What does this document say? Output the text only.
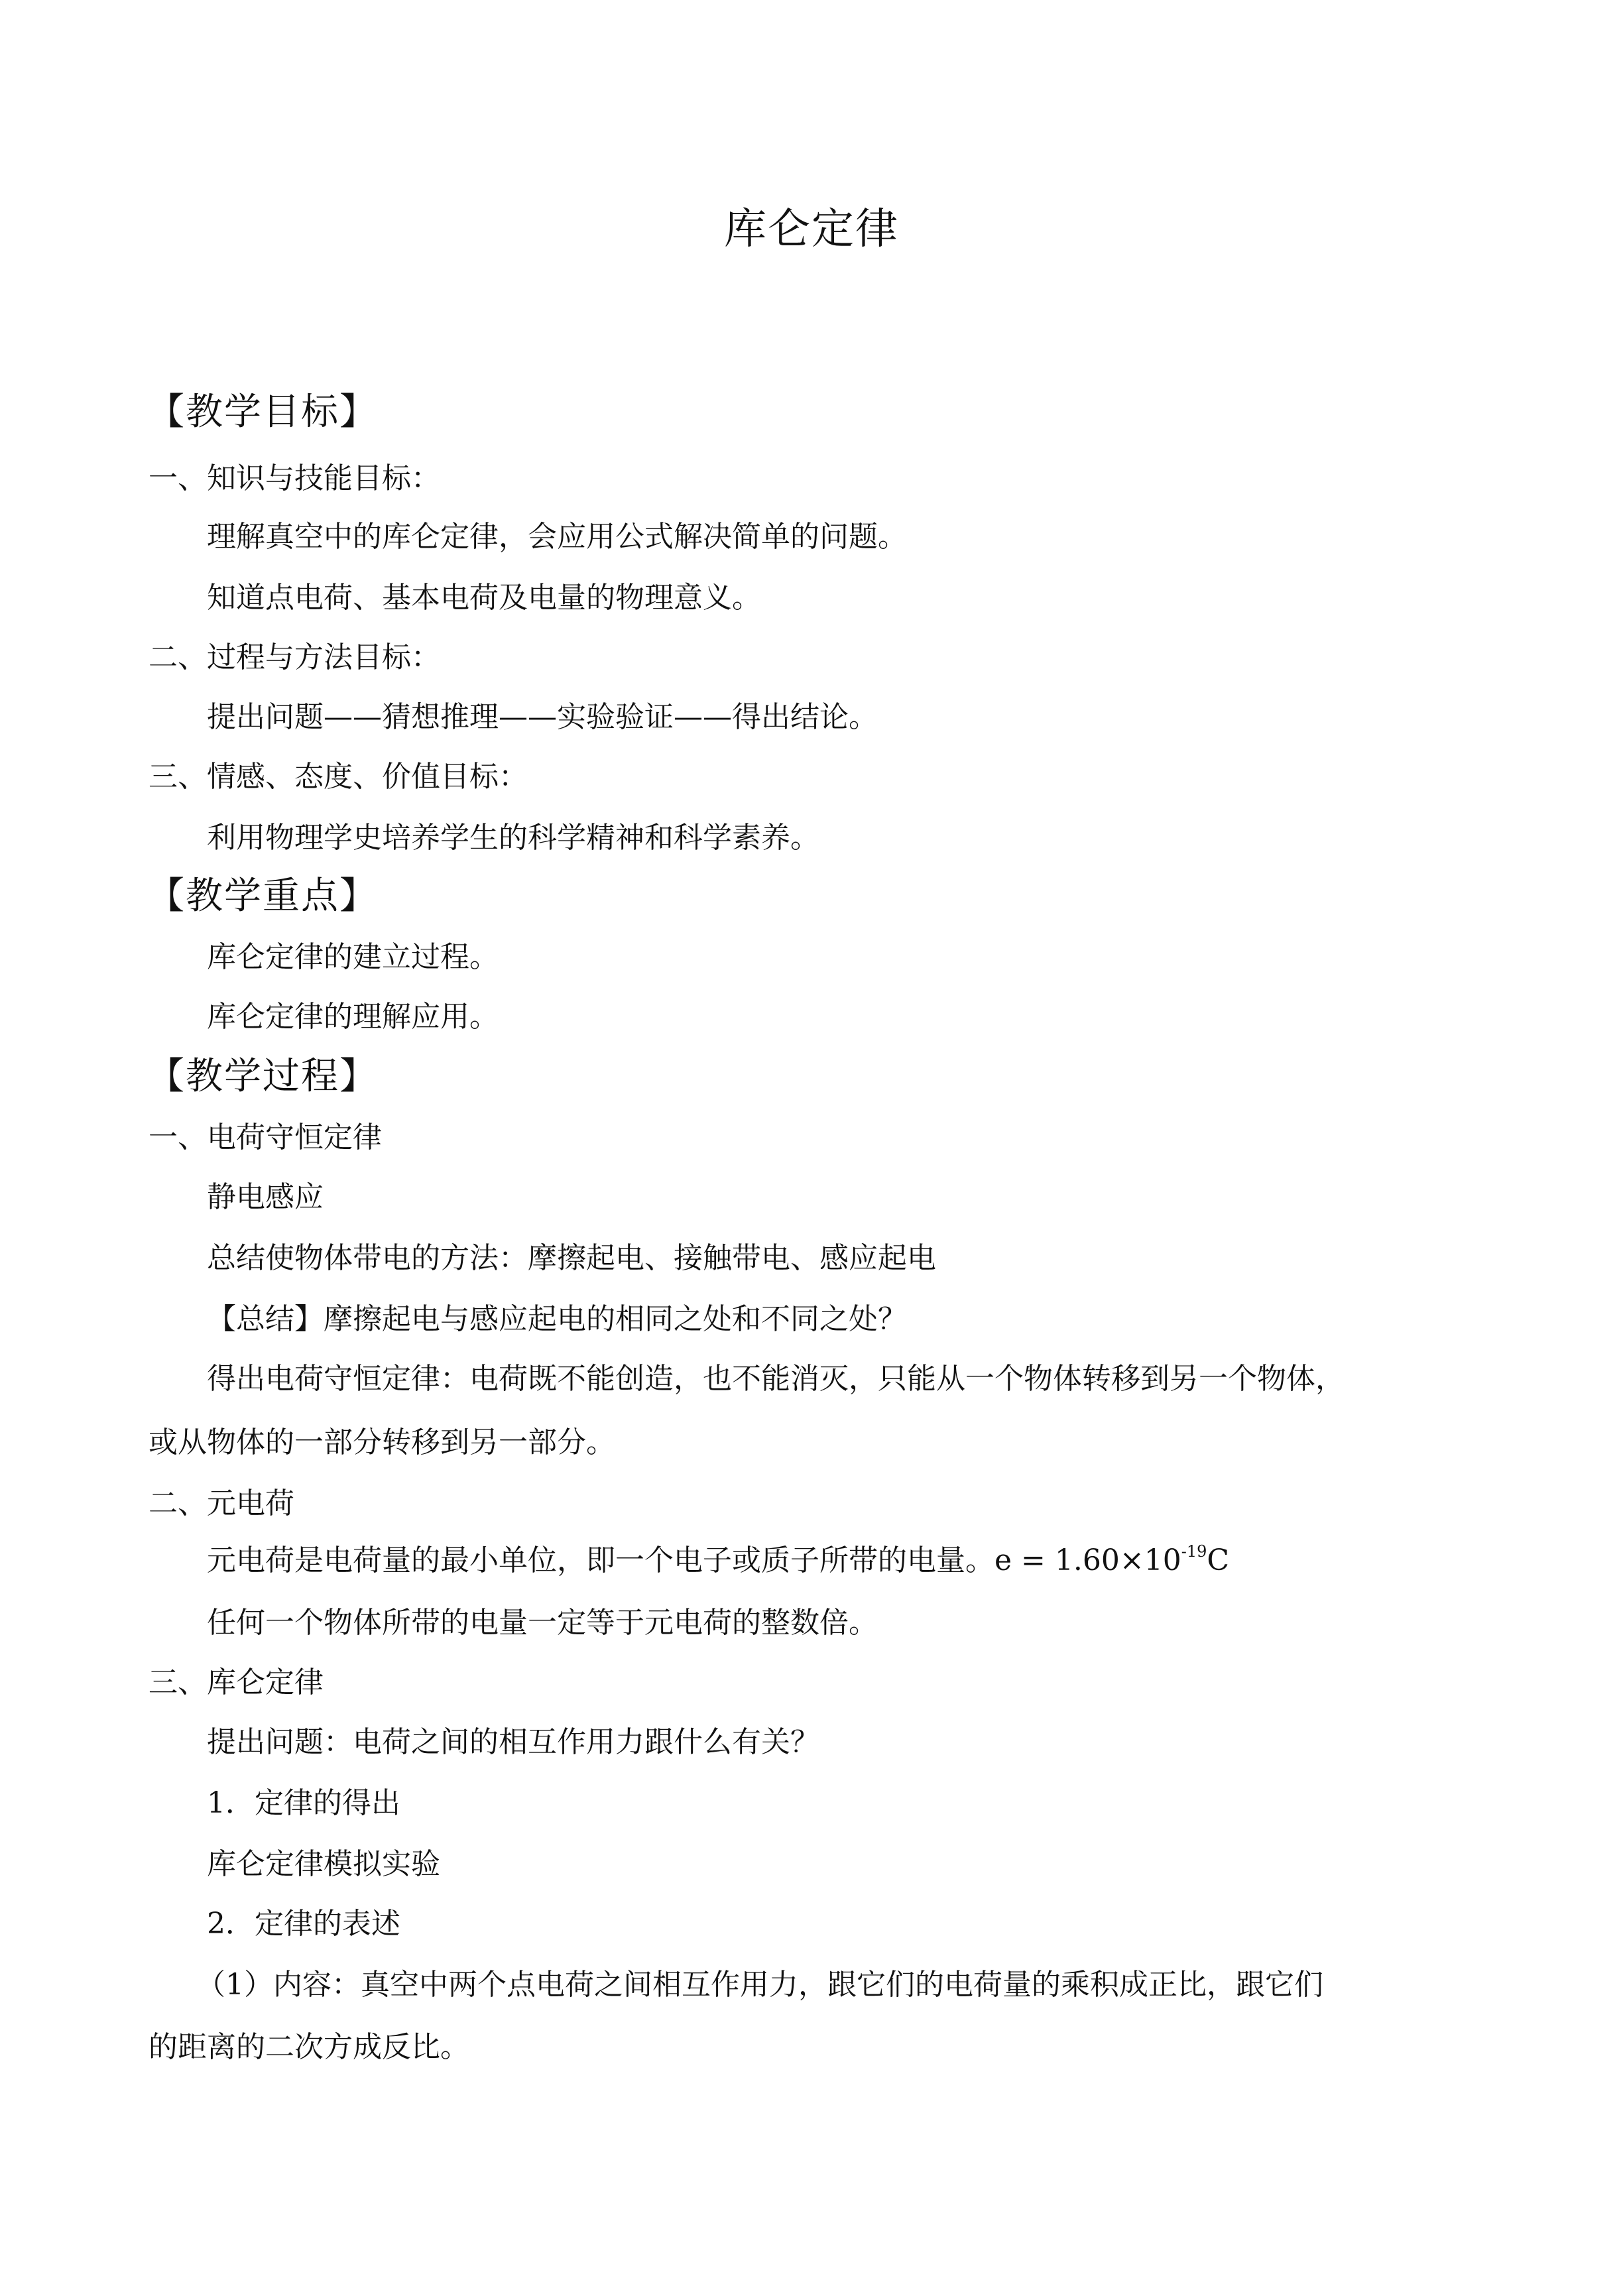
库仑定律
【教学目标】
一、知识与技能目标：
理解真空中的库仑定律，会应用公式解决简单的问题。
知道点电荷、基本电荷及电量的物理意义。
二、过程与方法目标：
提出问题——猜想推理——实验验证——得出结论。
三、情感、态度、价值目标：
利用物理学史培养学生的科学精神和科学素养。
【教学重点】
库仑定律的建立过程。
库仑定律的理解应用。
【教学过程】
一、电荷守恒定律
静电感应
总结使物体带电的方法：摩擦起电、接触带电、感应起电
【总结】摩擦起电与感应起电的相同之处和不同之处？
得出电荷守恒定律：电荷既不能创造，也不能消灭，只能从一个物体转移到另一个物体，
或从物体的一部分转移到另一部分。
二、元电荷
元电荷是电荷量的最小单位，即一个电子或质子所带的电量。$e = 1.60\times 10^{-19}C$
任何一个物体所带的电量一定等于元电荷的整数倍。
三、库仑定律
提出问题：电荷之间的相互作用力跟什么有关？
1．定律的得出
库仑定律模拟实验
2．定律的表述
（1）内容：真空中两个点电荷之间相互作用力，跟它们的电荷量的乘积成正比，跟它们
的距离的二次方成反比。
